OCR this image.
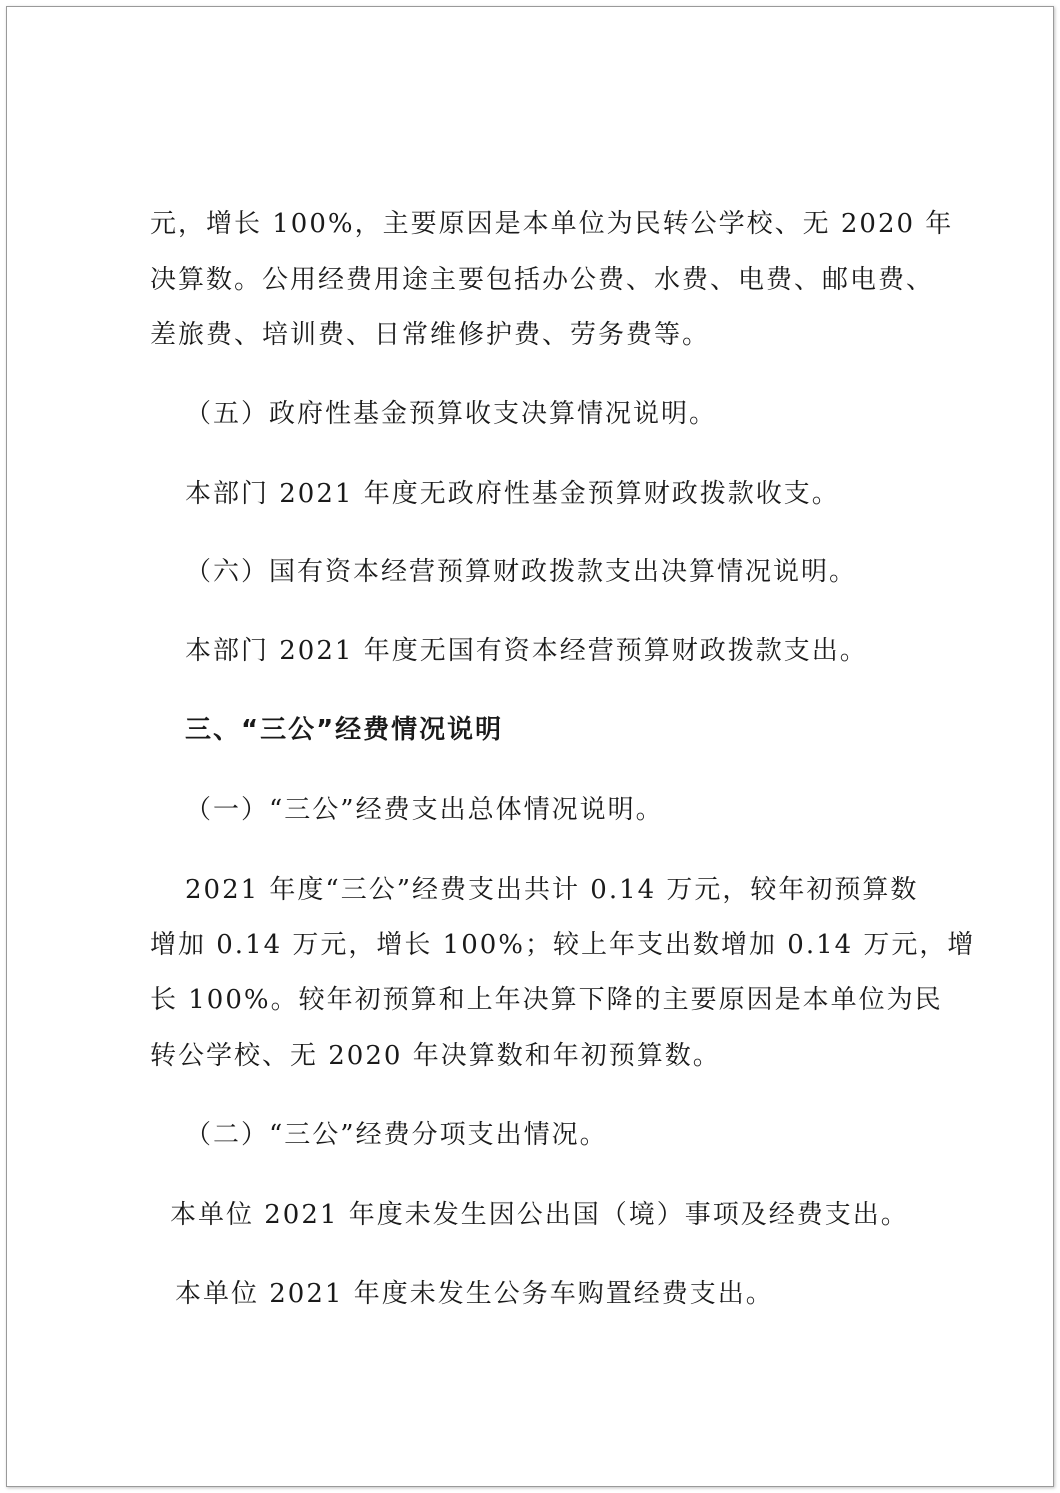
元，增长 100%，主要原因是本单位为民转公学校、无 2020 年
决算数。公用经费用途主要包括办公费、水费、电费、邮电费、
差旅费、培训费、日常维修护费、劳务费等。
（五）政府性基金预算收支决算情况说明。
本部门 2021 年度无政府性基金预算财政拨款收支。
（六）国有资本经营预算财政拨款支出决算情况说明。
本部门 2021 年度无国有资本经营预算财政拨款支出。
三、“三公”经费情况说明
（一）“三公”经费支出总体情况说明。
2021 年度“三公”经费支出共计 0.14 万元，较年初预算数
增加 0.14 万元，增长 100%；较上年支出数增加 0.14 万元，增
长 100%。较年初预算和上年决算下降的主要原因是本单位为民
转公学校、无 2020 年决算数和年初预算数。
（二）“三公”经费分项支出情况。
本单位 2021 年度未发生因公出国（境）事项及经费支出。
本单位 2021 年度未发生公务车购置经费支出。
